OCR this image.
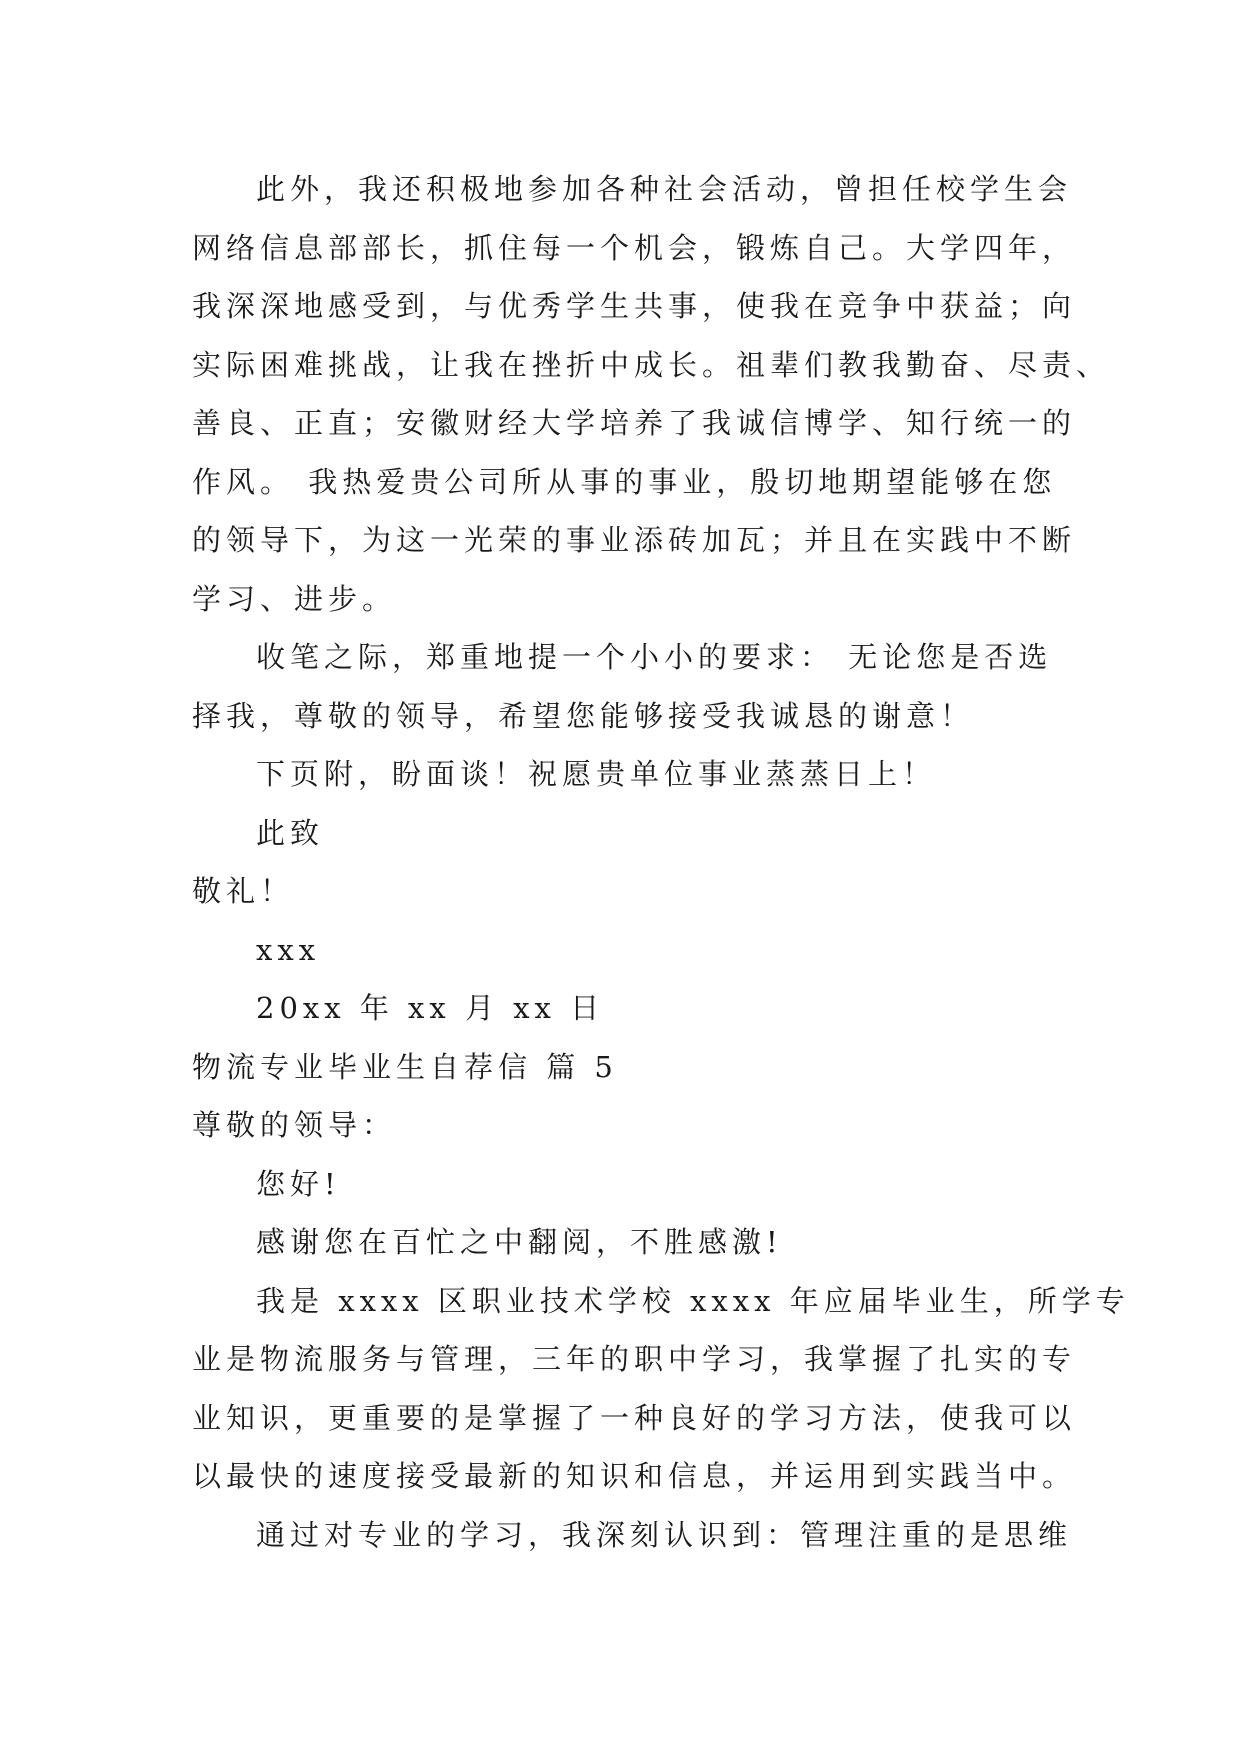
此外，我还积极地参加各种社会活动，曾担任校学生会
网络信息部部长，抓住每一个机会，锻炼自己。大学四年，
我深深地感受到，与优秀学生共事，使我在竞争中获益；向
实际困难挑战，让我在挫折中成长。祖辈们教我勤奋、尽责、
善良、正直；安徽财经大学培养了我诚信博学、知行统一的
作风。 我热爱贵公司所从事的事业，殷切地期望能够在您
的领导下，为这一光荣的事业添砖加瓦；并且在实践中不断
学习、进步。
收笔之际，郑重地提一个小小的要求： 无论您是否选
择我，尊敬的领导，希望您能够接受我诚恳的谢意！
下页附，盼面谈！祝愿贵单位事业蒸蒸日上！
此致
敬礼！
xxx
20xx 年 xx 月 xx 日
物流专业毕业生自荐信 篇 5
尊敬的领导：
您好!
感谢您在百忙之中翻阅，不胜感激!
我是 xxxx 区职业技术学校 xxxx 年应届毕业生，所学专
业是物流服务与管理，三年的职中学习，我掌握了扎实的专
业知识，更重要的是掌握了一种良好的学习方法，使我可以
以最快的速度接受最新的知识和信息，并运用到实践当中。
通过对专业的学习，我深刻认识到：管理注重的是思维
